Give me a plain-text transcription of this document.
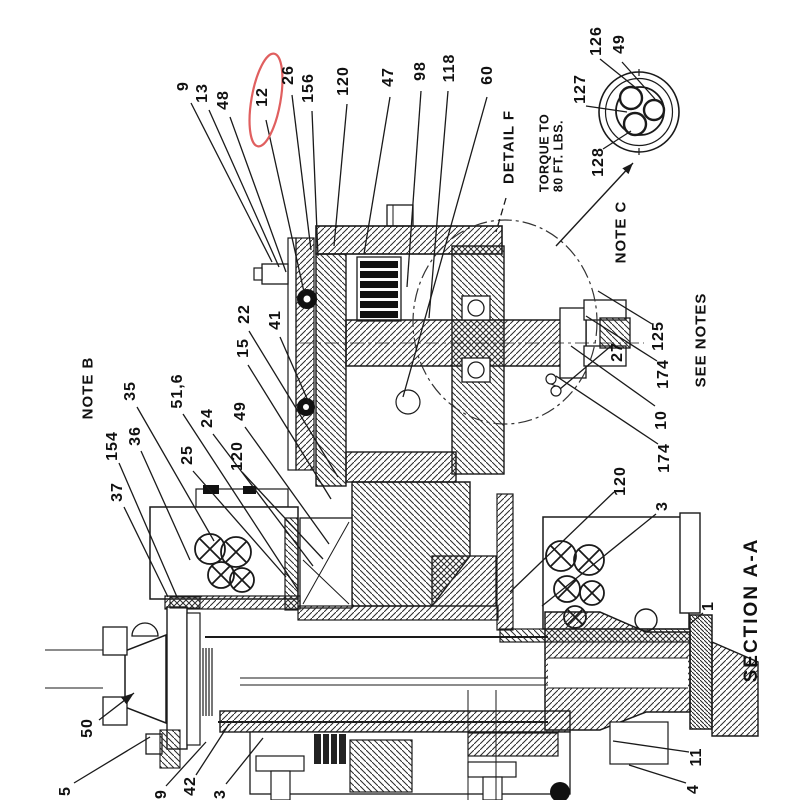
NOTE B
NOTE C
DETAIL F
SEE NOTES
SECTION A-A
TORQUE TO
80 FT. LBS.
9 13 48 12
26 156 120 47 98 118 60
126 49
127
128
22
15
41
35
36
154
37
51,6
24
25
49
120
27
125
174
10
174
120
3
1
11
4
50
5	9 42 3
